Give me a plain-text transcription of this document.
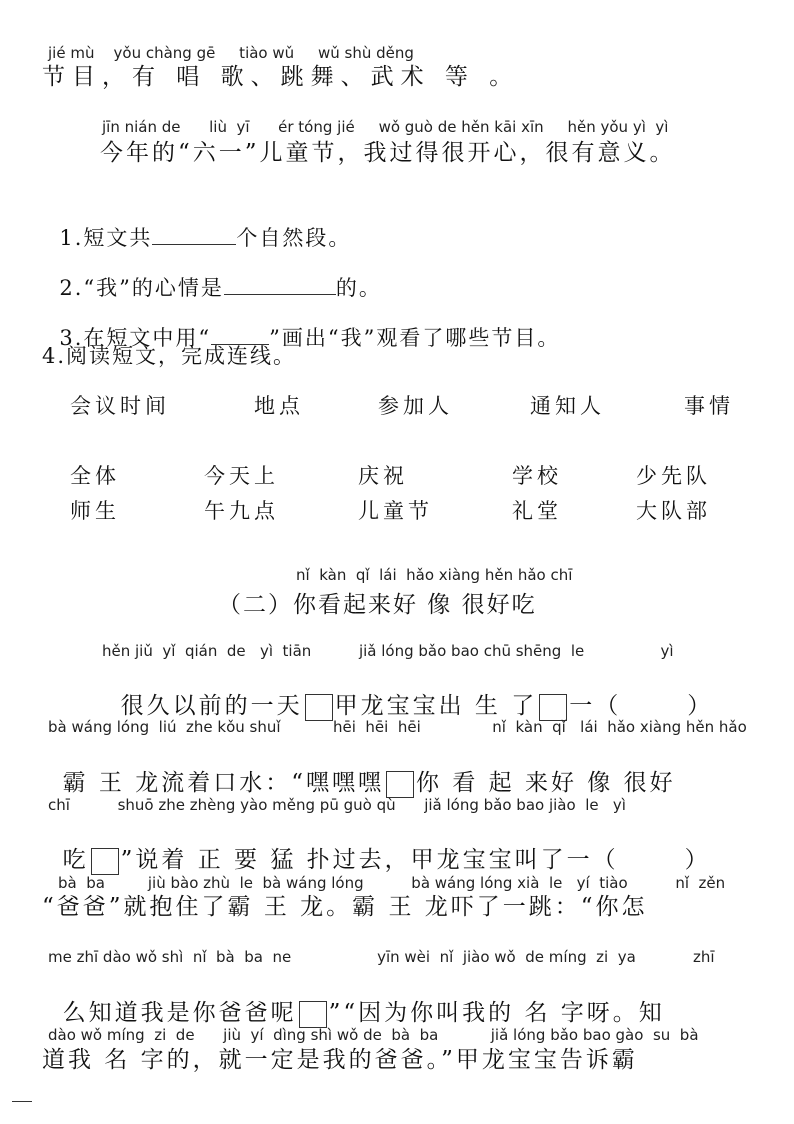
jié mù    yǒu chàng gē     tiào wǔ     wǔ shù děng
节目，有 唱 歌、跳舞、武术 等 。
jīn nián de      liù  yī      ér tóng jié     wǒ guò de hěn kāi xīn     hěn yǒu yì  yì
今年的“六一”儿童节，我过得很开心，很有意义。

1.短文共	个自然段。

2.“我”的心情是	的。

3.在短文中用“	”画出“我”观看了哪些节目。

4.阅读短文，完成连线。
会议时间	地点	参加人	通知人	事情
全体	今天上	庆祝	学校	少先队
师生	午九点	儿童节	礼堂	大队部
nǐ  kàn  qǐ  lái  hǎo xiàng hěn hǎo chī
（二）你看起来好 像 很好吃
hěn jiǔ  yǐ  qián  de   yì  tiān          jiǎ lóng bǎo bao chū shēng  le                yì

很久以前的一天 甲龙宝宝出 生 了 一（	）

bà wáng lóng  liú  zhe kǒu shuǐ           hēi  hēi  hēi               nǐ  kàn  qǐ   lái  hǎo xiàng hěn hǎo

霸 王 龙流着口水：“嘿嘿嘿 你 看 起 来好 像 很好

chī          shuō zhe zhèng yào měng pū guò qù      jiǎ lóng bǎo bao jiào  le   yì

吃 ”说着 正 要 猛 扑过去，甲龙宝宝叫了一（	）

bà  ba         jiù bào zhù  le  bà wáng lóng          bà wáng lóng xià  le   yí  tiào          nǐ  zěn
“爸爸”就抱住了霸 王 龙。霸 王 龙吓了一跳：“你怎
me zhī dào wǒ shì  nǐ  bà  ba  ne                  yīn wèi  nǐ  jiào wǒ  de míng  zi  ya            zhī

么知道我是你爸爸呢 ”“因为你叫我的 名 字呀。知

dào wǒ míng  zi  de      jiù  yí  dìng shì wǒ de  bà  ba           jiǎ lóng bǎo bao gào  su  bà
道我 名 字的，就一定是我的爸爸。”甲龙宝宝告诉霸
